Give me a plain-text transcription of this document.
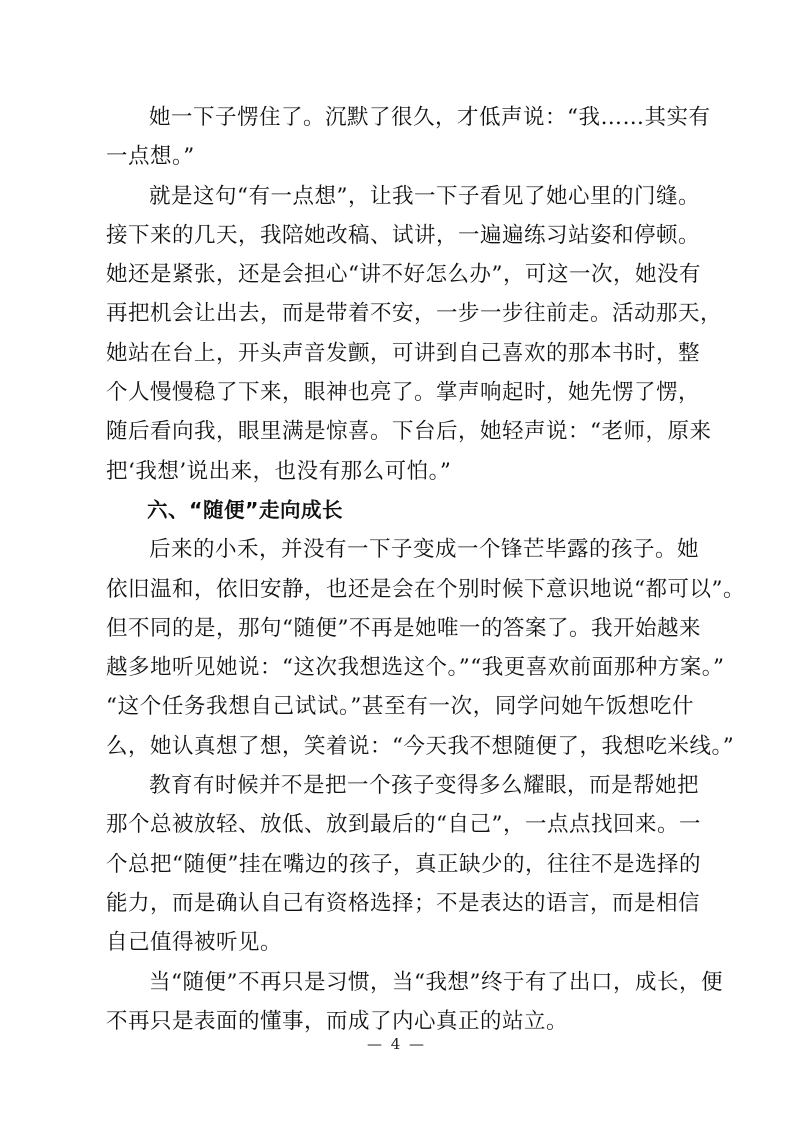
她一下子愣住了。沉默了很久，才低声说：“我……其实有
一点想。”
就是这句“有一点想”，让我一下子看见了她心里的门缝。
接下来的几天，我陪她改稿、试讲，一遍遍练习站姿和停顿。
她还是紧张，还是会担心“讲不好怎么办”，可这一次，她没有
再把机会让出去，而是带着不安，一步一步往前走。活动那天，
她站在台上，开头声音发颤，可讲到自己喜欢的那本书时，整
个人慢慢稳了下来，眼神也亮了。掌声响起时，她先愣了愣，
随后看向我，眼里满是惊喜。下台后，她轻声说：“老师，原来
把‘我想’说出来，也没有那么可怕。”
六、“随便”走向成长
后来的小禾，并没有一下子变成一个锋芒毕露的孩子。她
依旧温和，依旧安静，也还是会在个别时候下意识地说“都可以”。
但不同的是，那句“随便”不再是她唯一的答案了。我开始越来
越多地听见她说：“这次我想选这个。”“我更喜欢前面那种方案。”
“这个任务我想自己试试。”甚至有一次，同学问她午饭想吃什
么，她认真想了想，笑着说：“今天我不想随便了，我想吃米线。”
教育有时候并不是把一个孩子变得多么耀眼，而是帮她把
那个总被放轻、放低、放到最后的“自己”，一点点找回来。一
个总把“随便”挂在嘴边的孩子，真正缺少的，往往不是选择的
能力，而是确认自己有资格选择；不是表达的语言，而是相信
自己值得被听见。
当“随便”不再只是习惯，当“我想”终于有了出口，成长，便
不再只是表面的懂事，而成了内心真正的站立。
— 4 —
